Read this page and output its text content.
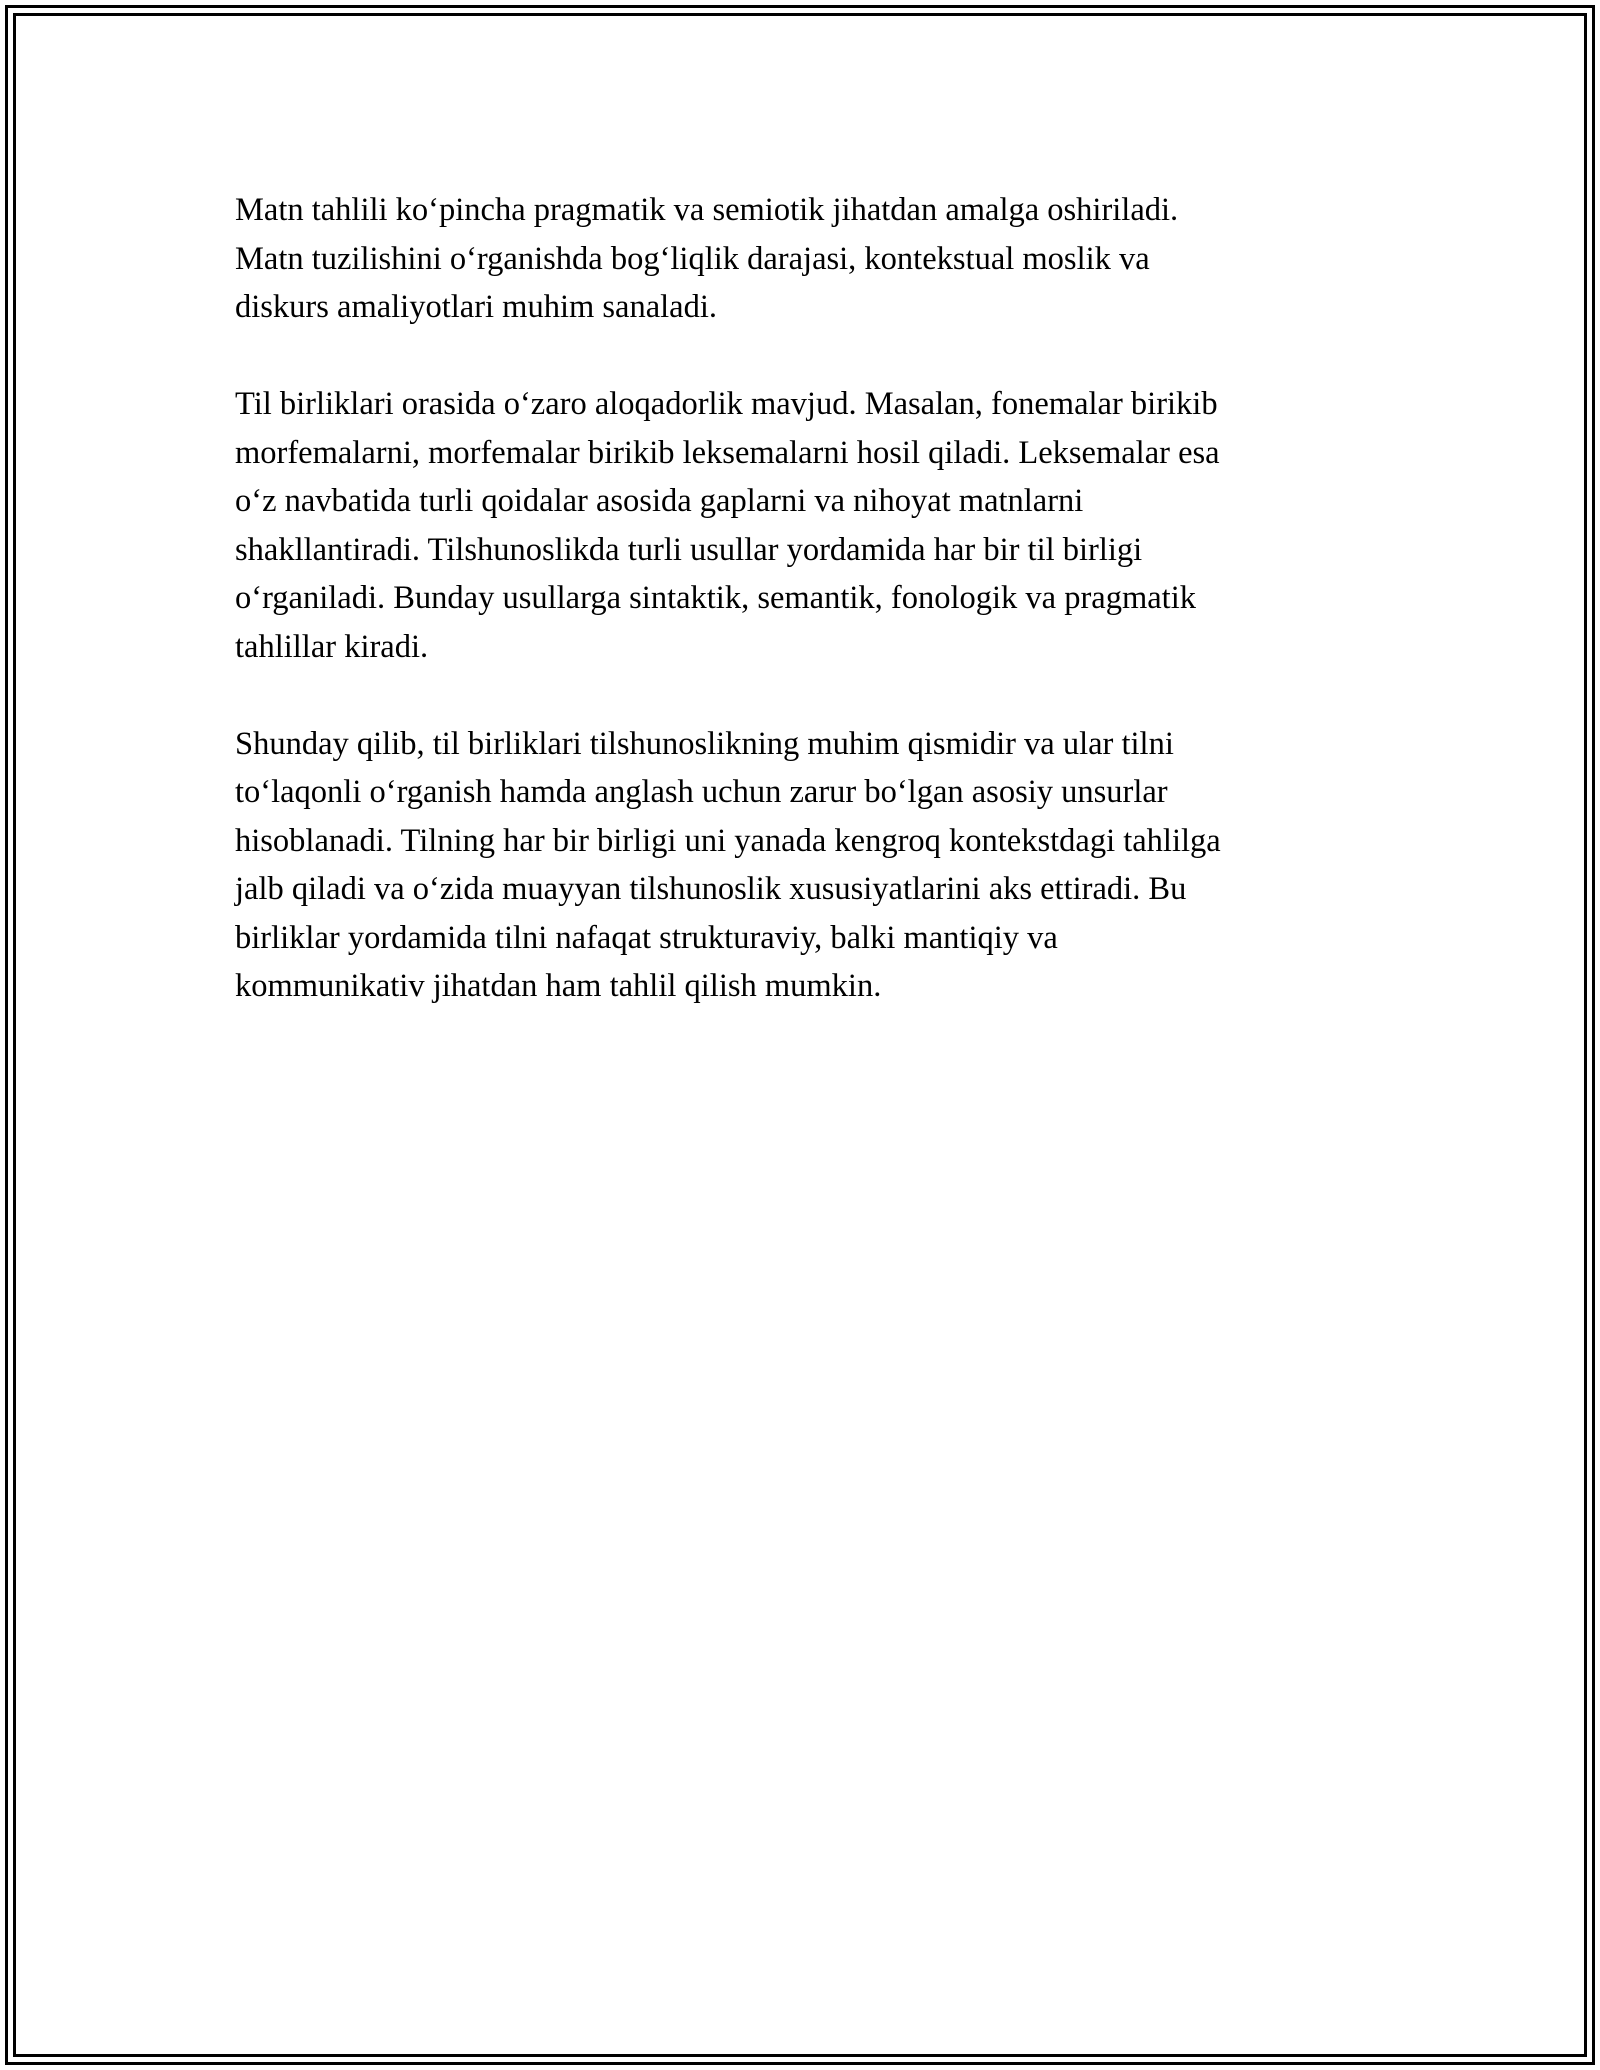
Matn tahlili ko‘pincha pragmatik va semiotik jihatdan amalga oshiriladi.
Matn tuzilishini o‘rganishda bog‘liqlik darajasi, kontekstual moslik va
diskurs amaliyotlari muhim sanaladi.

Til birliklari orasida o‘zaro aloqadorlik mavjud. Masalan, fonemalar birikib
morfemalarni, morfemalar birikib leksemalarni hosil qiladi. Leksemalar esa
o‘z navbatida turli qoidalar asosida gaplarni va nihoyat matnlarni
shakllantiradi. Tilshunoslikda turli usullar yordamida har bir til birligi
o‘rganiladi. Bunday usullarga sintaktik, semantik, fonologik va pragmatik
tahlillar kiradi.

Shunday qilib, til birliklari tilshunoslikning muhim qismidir va ular tilni
to‘laqonli o‘rganish hamda anglash uchun zarur bo‘lgan asosiy unsurlar
hisoblanadi. Tilning har bir birligi uni yanada kengroq kontekstdagi tahlilga
jalb qiladi va o‘zida muayyan tilshunoslik xususiyatlarini aks ettiradi. Bu
birliklar yordamida tilni nafaqat strukturaviy, balki mantiqiy va
kommunikativ jihatdan ham tahlil qilish mumkin.
